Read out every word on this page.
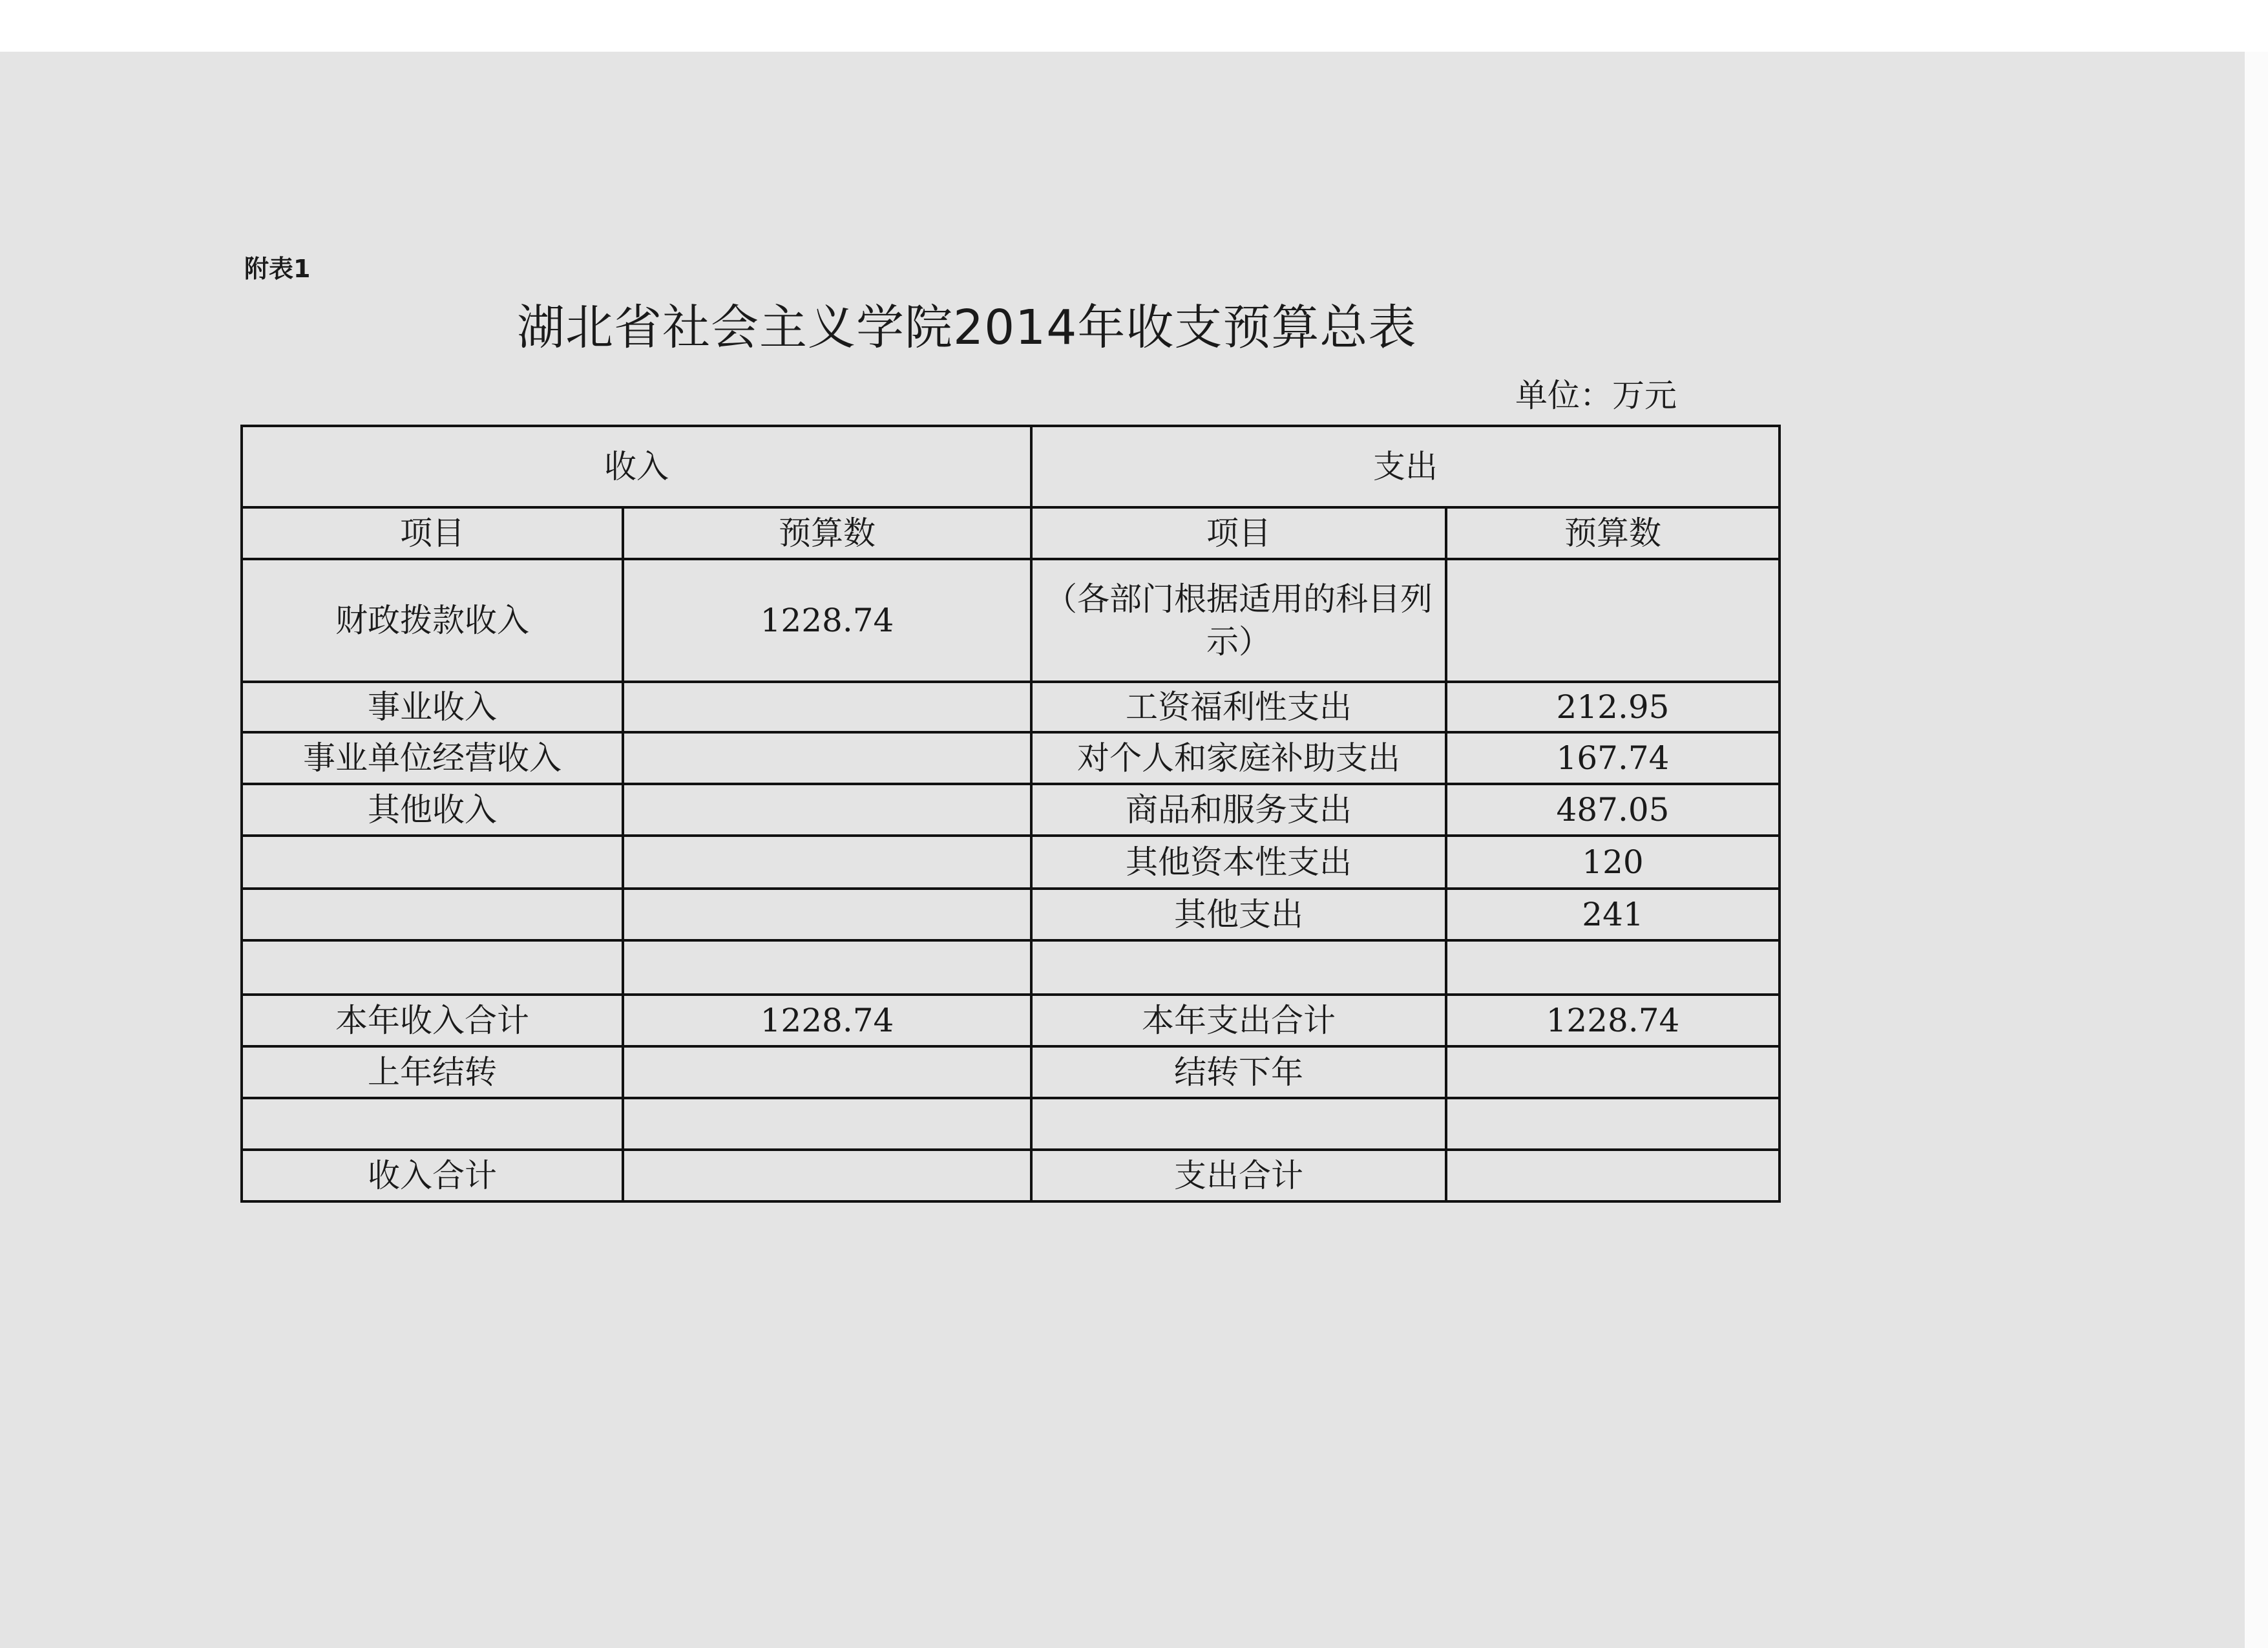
附表1
湖北省社会主义学院2014年收支预算总表
单位：万元
收入		支出	
项目	预算数	项目	预算数
财政拨款收入	1228.74	（各部门根据适用的科目列示）	
事业收入		工资福利性支出	212.95
事业单位经营收入		对个人和家庭补助支出	167.74
其他收入		商品和服务支出	487.05
		其他资本性支出	120
		其他支出	241

本年收入合计	1228.74	本年支出合计	1228.74
上年结转		结转下年	

收入合计		支出合计	
